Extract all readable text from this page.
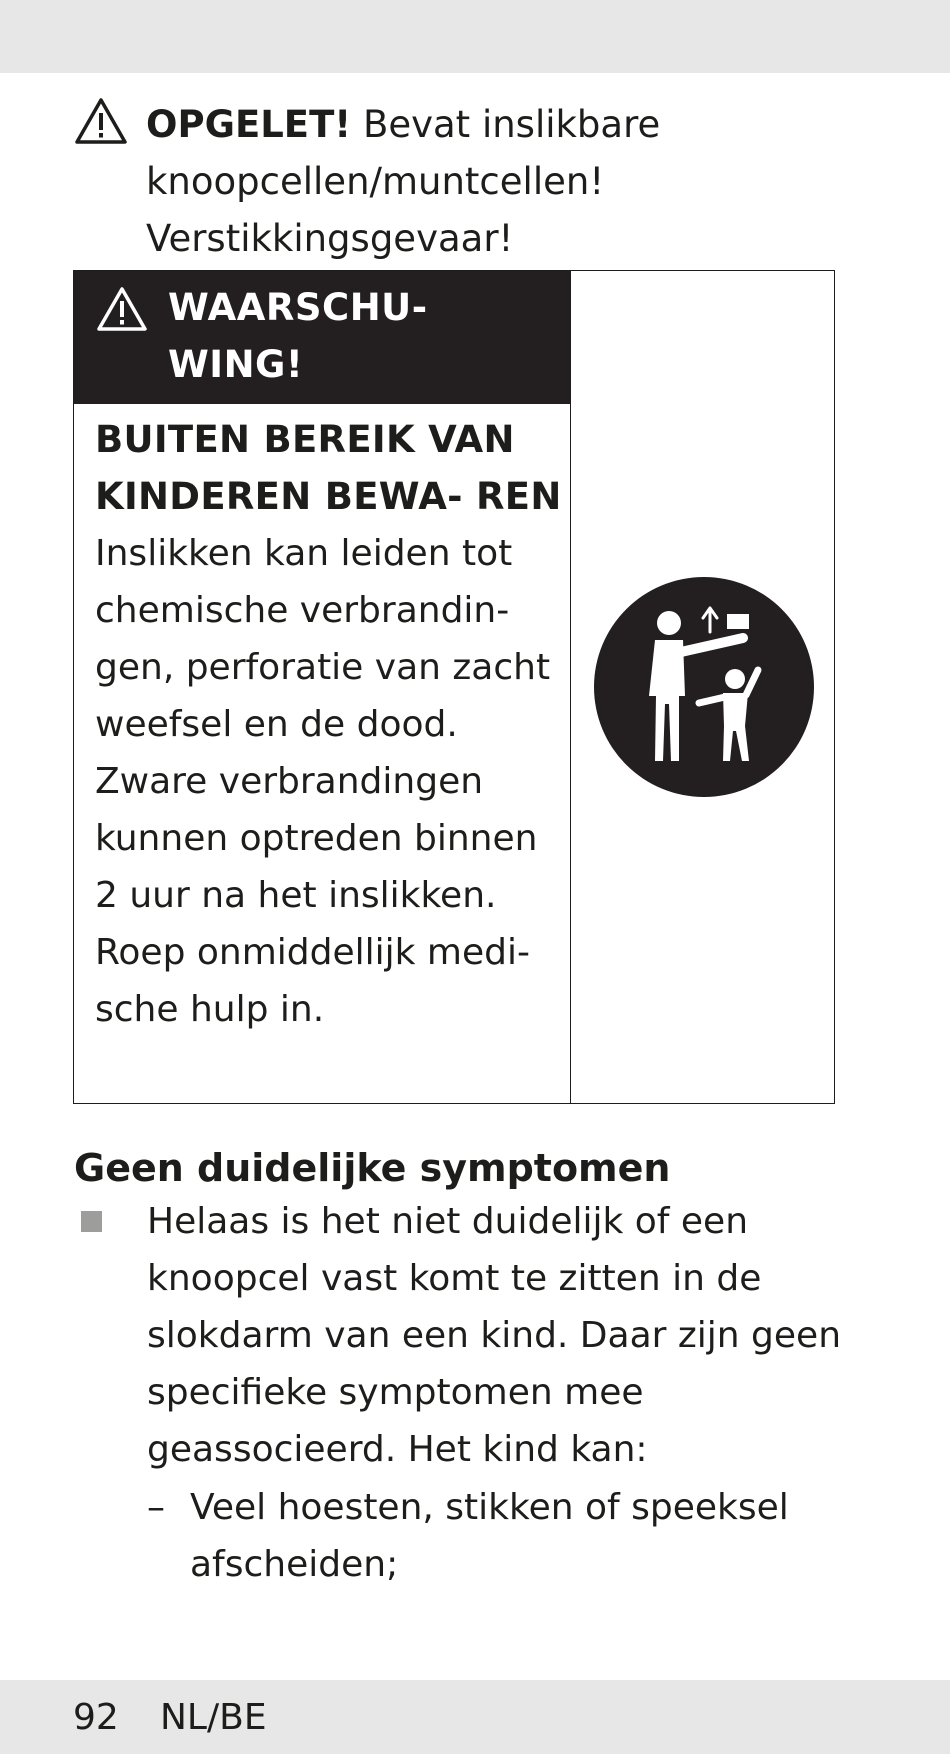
OPGELET! Bevat inslikbare knoopcellen/muntcellen! Verstikkingsgevaar!
WAARSCHU-
WING!
BUITEN BEREIK VAN KINDEREN BEWA- REN
Inslikken kan leiden tot chemische verbrandin- gen, perforatie van zacht weefsel en de dood. Zware verbrandingen kunnen optreden binnen 2 uur na het inslikken. Roep onmiddellijk medi- sche hulp in.
Geen duidelijke symptomen
Helaas is het niet duidelijk of een knoopcel vast komt te zitten in de slokdarm van een kind. Daar zijn geen specifieke symptomen mee geassocieerd. Het kind kan:
– Veel hoesten, stikken of speeksel afscheiden;
92 NL/BE
